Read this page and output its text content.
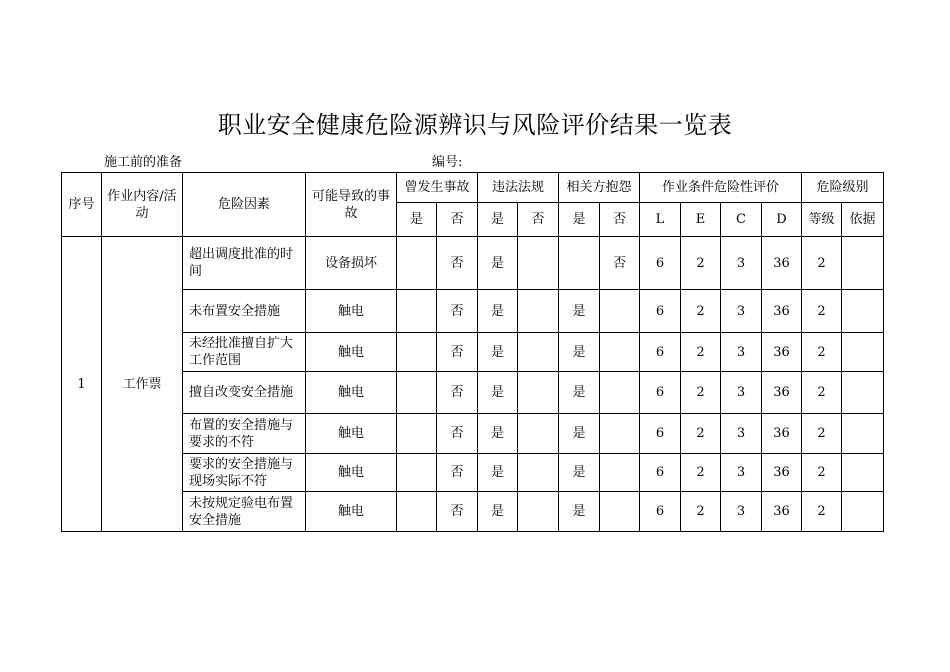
职业安全健康危险源辨识与风险评价结果一览表
施工前的准备	编号:
序号	作业内容/活动	危险因素	可能导致的事故	曾发生事故		违法法规		相关方抱怨		作业条件危险性评价				危险级别	
				是	否	是	否	是	否	L	E	C	D	等级	依据
1	工作票	超出调度批准的时间	设备损坏		否	是			否	6	2	3	36	2	
		未布置安全措施	触电		否	是		是		6	2	3	36	2	
		未经批准擅自扩大工作范围	触电		否	是		是		6	2	3	36	2	
		擅自改变安全措施	触电		否	是		是		6	2	3	36	2	
		布置的安全措施与要求的不符	触电		否	是		是		6	2	3	36	2	
		要求的安全措施与现场实际不符	触电		否	是		是		6	2	3	36	2	
		未按规定验电布置安全措施	触电		否	是		是		6	2	3	36	2	
